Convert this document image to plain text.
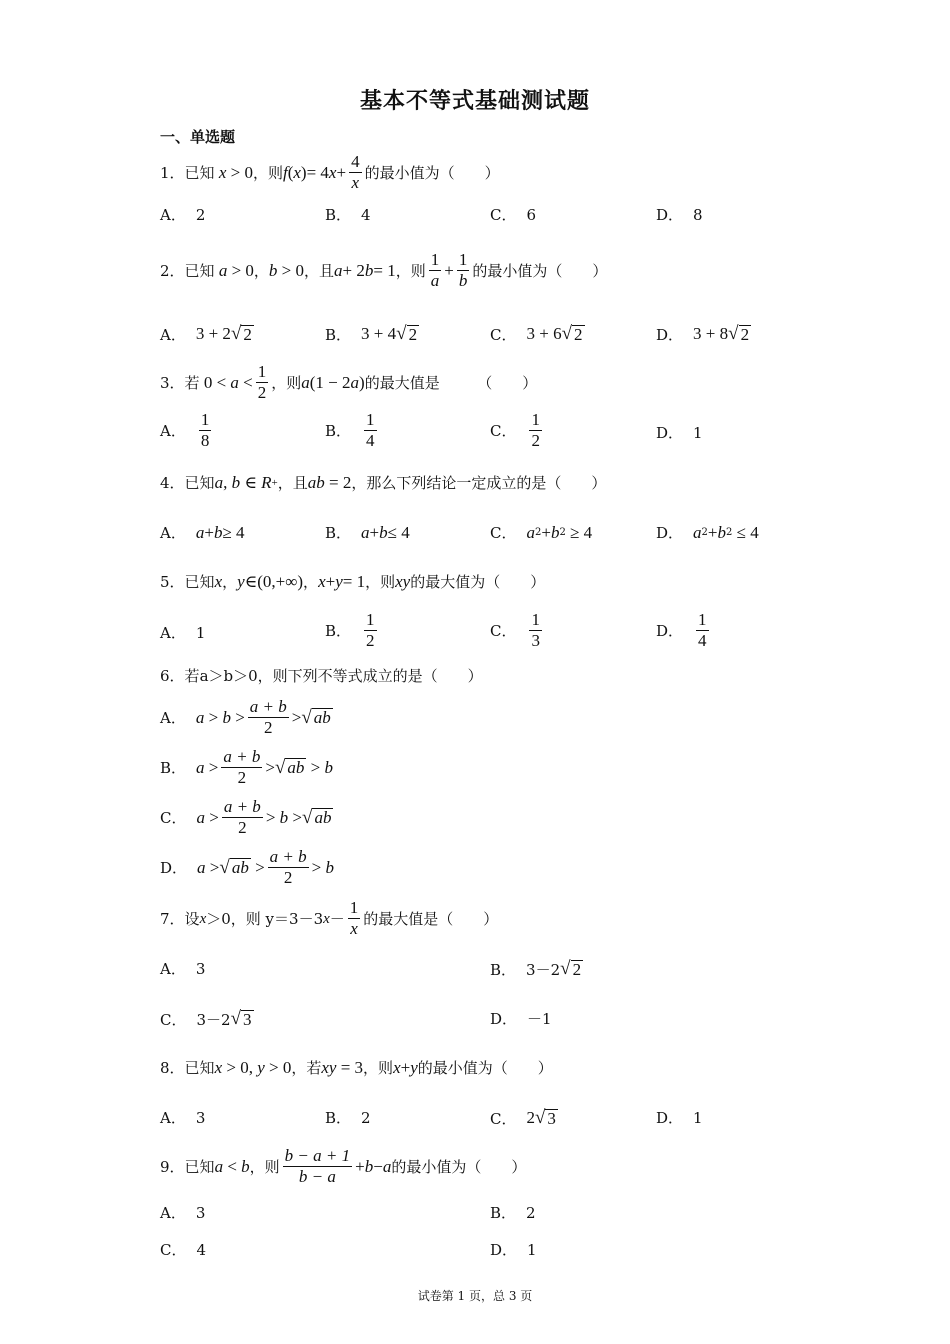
基本不等式基础测试题
一、单选题
1． 已知 x > 0 ，则 f ( x )= 4 $x + \frac{4}{x}$ 的最小值为（　　）
A． 2	B． 4	C． 6	D． 8
2． 已知 a > 0 ， b > 0 ，且 a + 2 b = 1 ，则 $\frac{1}{a} + \frac{1}{b}$ 的最小值为（　　）
A． 3 + 2 √ 2	B． 3 + 4 √ 2	C． 3 + 6 √ 2	D． 3 + 8 √ 2
3． 若 $0 < a < \frac{1}{2}$ ，则 a (1 − 2 a ) 的最大值是　　　（　　）
A． $\frac{1}{8}$	B． $\frac{1}{4}$	C． $\frac{1}{2}$	D． 1
4． 已知 a , b ∈ R + ，且 ab = 2 ，那么下列结论一定成立的是（　　）
A． a + b ≥ 4	B． a + b ≤ 4	C． a 2 + b 2 ≥ 4	D． a 2 + b 2 ≤ 4
5． 已知 x ， y ∈(0,+∞) ， x + y = 1 ，则 xy 的最大值为（　　）
A． 1	B． $\frac{1}{2}$	C． $\frac{1}{3}$	D． $\frac{1}{4}$
6． 若 a＞b＞0 ，则下列不等式成立的是（　　）
A． $a > b > \frac{a + b}{2}$ > √ ab
B． $a > \frac{a + b}{2}$ > √ ab > b
C． $a > \frac{a + b}{2} > b$ > √ ab
D． a > √ ab > $\frac{a + b}{2} > b$
7． 设 x ＞0，则 y＝3－3 $x - \frac{1}{x}$ 的最大值是（　　）
A． 3	B． 3－2 √ 2
C． 3－2 √ 3	D． －1
8． 已知 x > 0, y > 0 ，若 xy = 3 ，则 x + y 的最小值为（　　）
A． 3	B． 2	C． 2 √ 3	D． 1
9． 已知 a < b ，则 $\frac{b - a + 1}{b - a} + b - a$ 的最小值为（　　）
A． 3	B． 2
C． 4	D． 1
试卷第 1 页，总 3 页
